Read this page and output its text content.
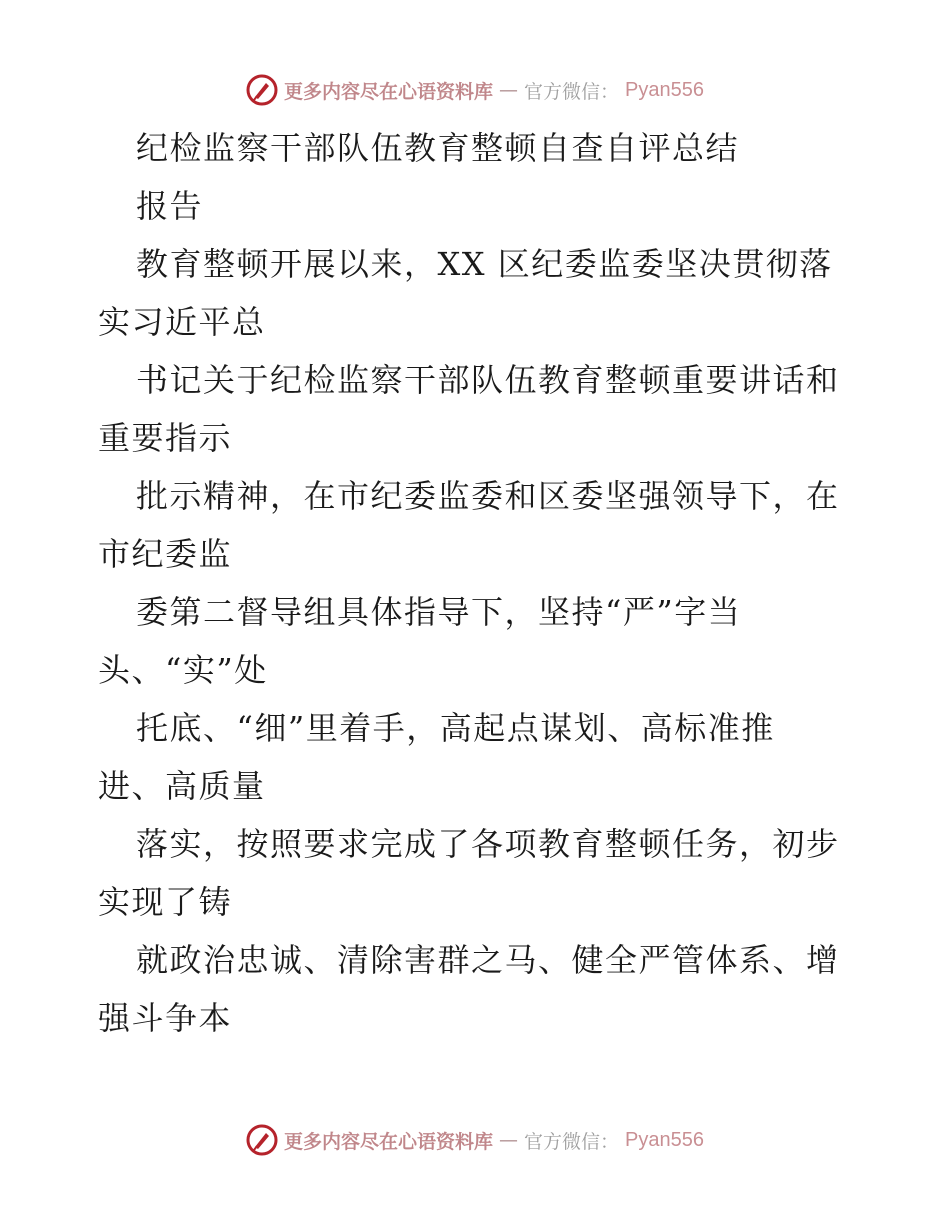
更多内容尽在心语资料库 — 官方微信： Pyan556
纪检监察干部队伍教育整顿自查自评总结
报告
教育整顿开展以来，XX 区纪委监委坚决贯彻落
实习近平总
书记关于纪检监察干部队伍教育整顿重要讲话和
重要指示
批示精神，在市纪委监委和区委坚强领导下，在
市纪委监
委第二督导组具体指导下，坚持“严”字当
头、“实”处
托底、“细”里着手，高起点谋划、高标准推
进、高质量
落实，按照要求完成了各项教育整顿任务，初步
实现了铸
就政治忠诚、清除害群之马、健全严管体系、增
强斗争本
更多内容尽在心语资料库 — 官方微信： Pyan556
